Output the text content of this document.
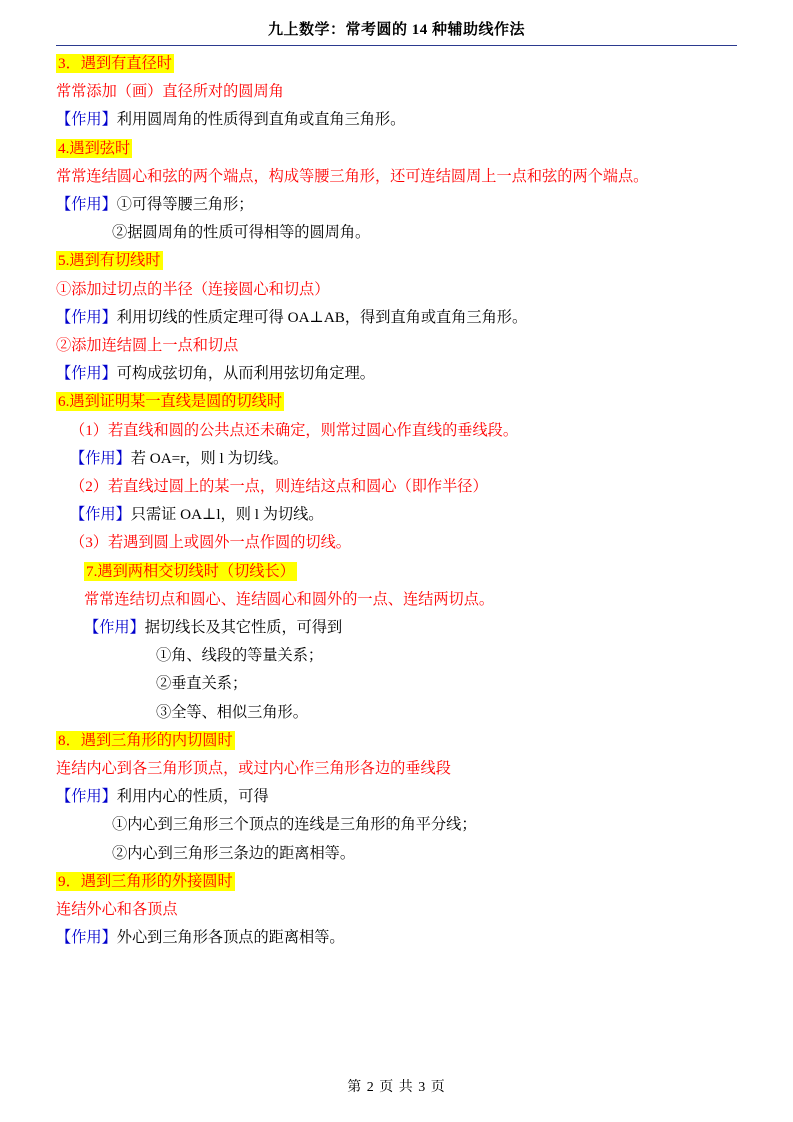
九上数学：常考圆的 14 种辅助线作法
3．遇到有直径时
常常添加（画）直径所对的圆周角
【作用】利用圆周角的性质得到直角或直角三角形。
4.遇到弦时
常常连结圆心和弦的两个端点，构成等腰三角形，还可连结圆周上一点和弦的两个端点。
【作用】①可得等腰三角形；
②据圆周角的性质可得相等的圆周角。
5.遇到有切线时
①添加过切点的半径（连接圆心和切点）
【作用】利用切线的性质定理可得 OA⊥AB，得到直角或直角三角形。
②添加连结圆上一点和切点
【作用】可构成弦切角，从而利用弦切角定理。
6.遇到证明某一直线是圆的切线时
（1）若直线和圆的公共点还未确定，则常过圆心作直线的垂线段。
【作用】若 OA=r，则 l 为切线。
（2）若直线过圆上的某一点，则连结这点和圆心（即作半径）
【作用】只需证 OA⊥l，则 l 为切线。
（3）若遇到圆上或圆外一点作圆的切线。
7.遇到两相交切线时（切线长）
常常连结切点和圆心、连结圆心和圆外的一点、连结两切点。
【作用】据切线长及其它性质，可得到
①角、线段的等量关系；
②垂直关系；
③全等、相似三角形。
8．遇到三角形的内切圆时
连结内心到各三角形顶点，或过内心作三角形各边的垂线段
【作用】利用内心的性质，可得
①内心到三角形三个顶点的连线是三角形的角平分线；
②内心到三角形三条边的距离相等。
9．遇到三角形的外接圆时
连结外心和各顶点
【作用】外心到三角形各顶点的距离相等。
第 2 页 共 3 页
